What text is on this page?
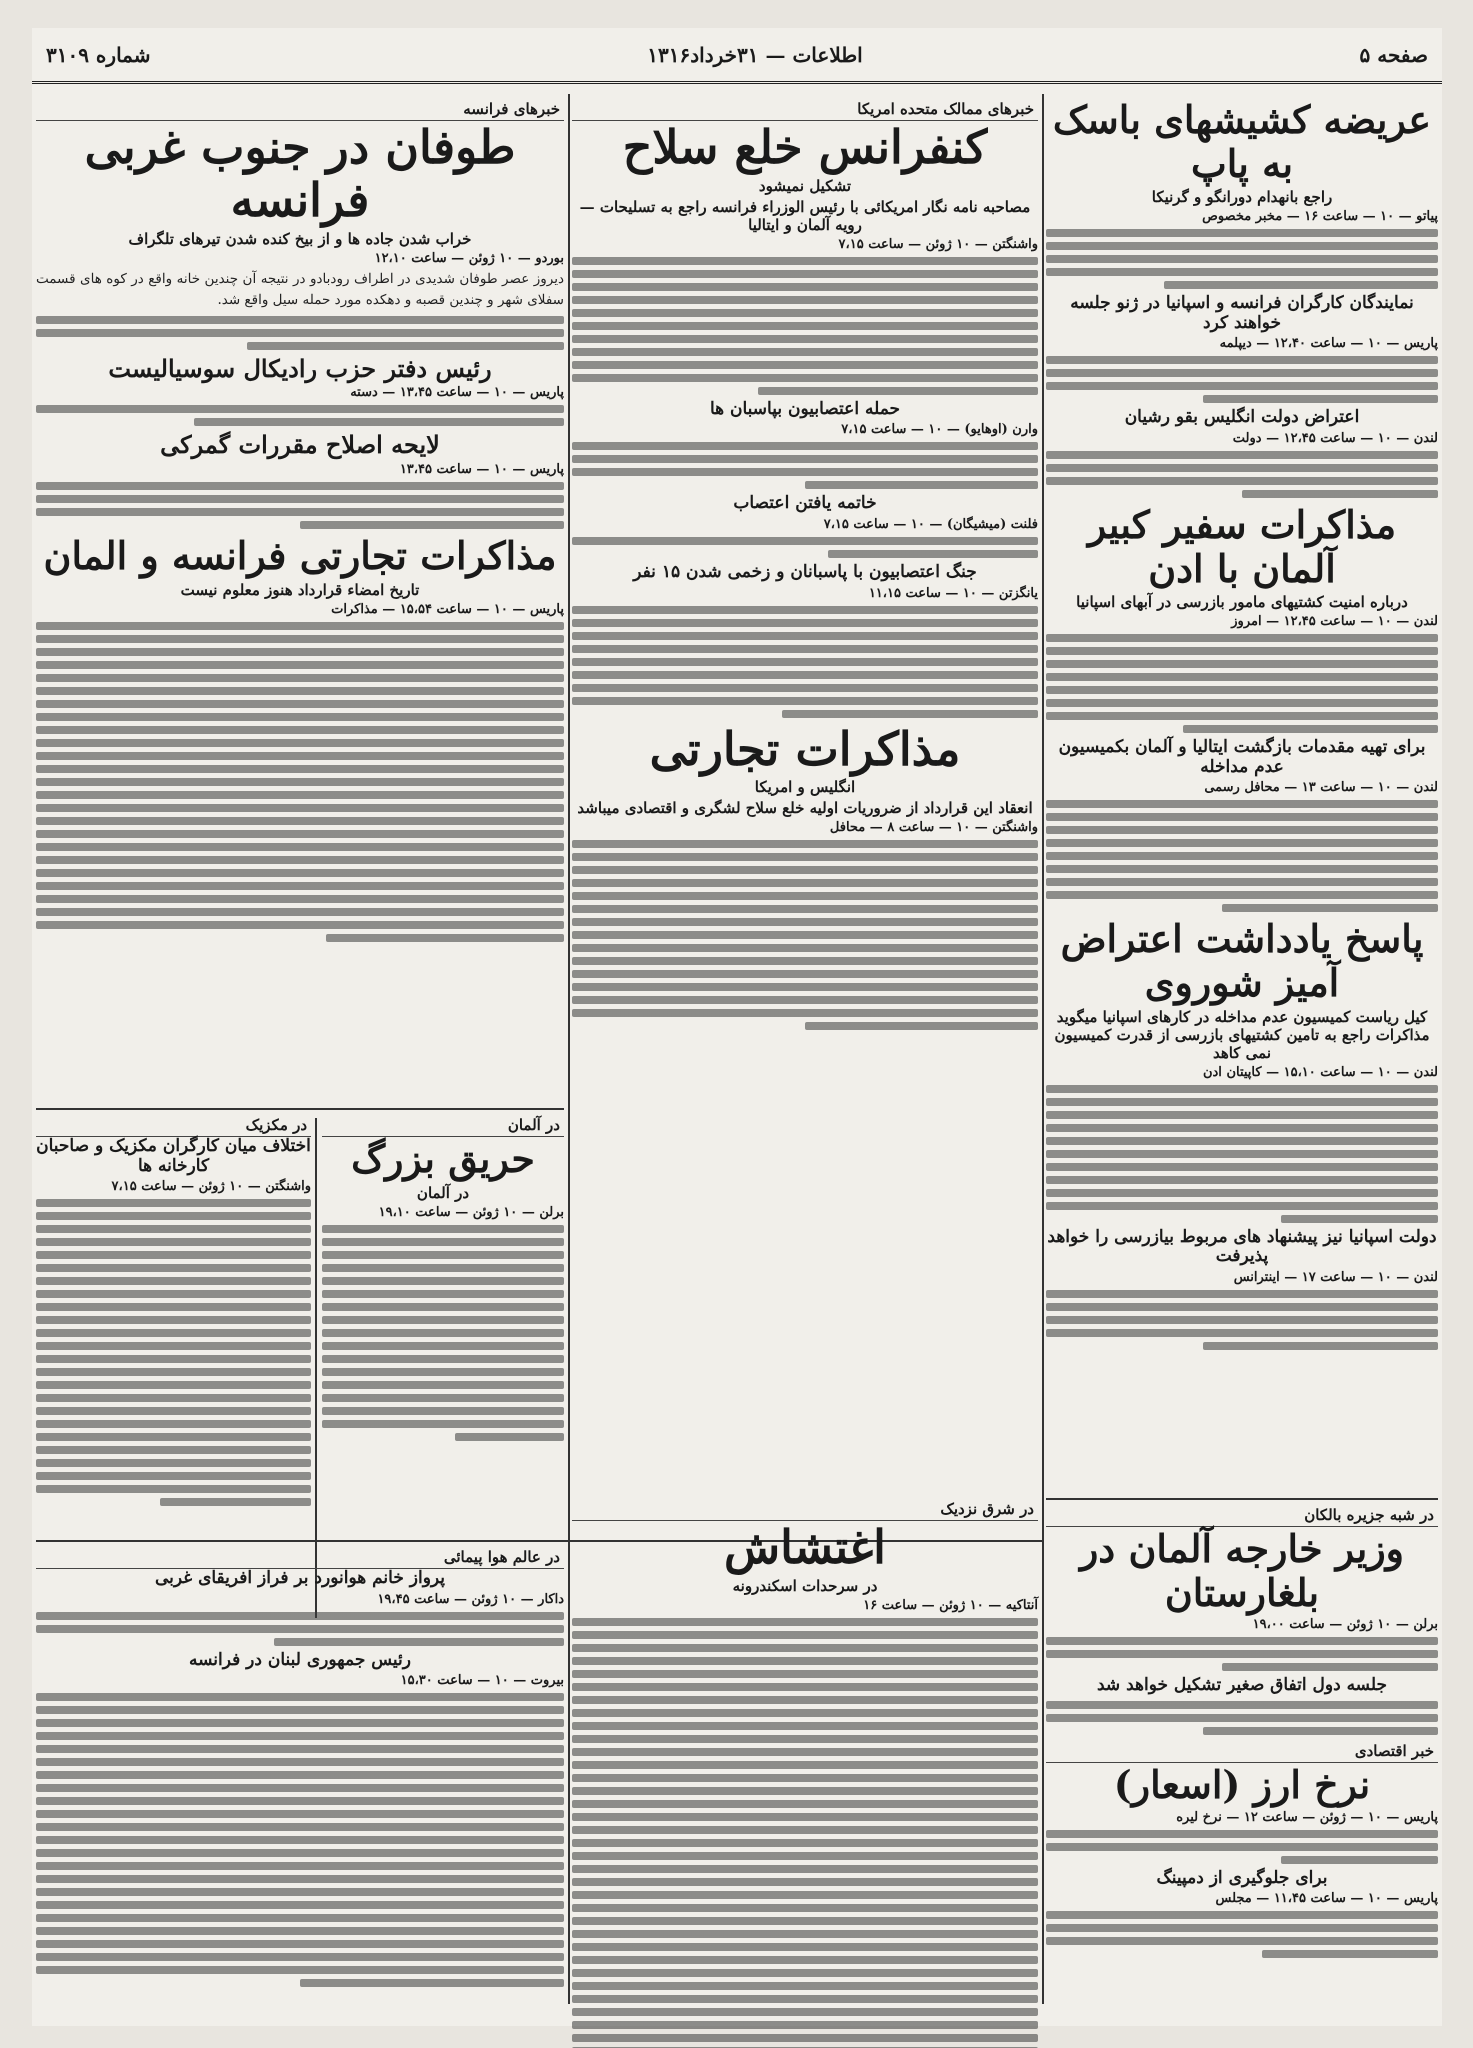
صفحه ۵
اطلاعات — ۳۱خرداد۱۳۱۶
شماره ۳۱۰۹
عریضه کشیشهای باسک به پاپ
راجع بانهدام دورانگو و گرنیکا
پیاتو — ۱۰ — ساعت ۱۶ — مخبر مخصوص
نمایندگان کارگران فرانسه و اسپانیا در ژنو جلسه خواهند کرد
پاریس — ۱۰ — ساعت ۱۲،۴۰ — دیپلمه
اعتراض دولت انگلیس بقو رشیان
لندن — ۱۰ — ساعت ۱۲،۴۵ — دولت
مذاکرات سفیر کبیر آلمان با ادن
درباره امنیت کشتیهای مامور بازرسی در آبهای اسپانیا
لندن — ۱۰ — ساعت ۱۲،۴۵ — امروز
برای تهیه مقدمات بازگشت ایتالیا و آلمان بکمیسیون عدم مداخله
لندن — ۱۰ — ساعت ۱۳ — محافل رسمی
پاسخ یادداشت اعتراض آمیز شوروی
کیل ریاست کمیسیون عدم مداخله در کارهای اسپانیا میگوید مذاکرات راجع به تامین کشتیهای بازرسی از قدرت کمیسیون نمی کاهد
لندن — ۱۰ — ساعت ۱۵،۱۰ — کاپیتان ادن
دولت اسپانیا نیز پیشنهاد های مربوط بیازرسی را خواهد پذیرفت
لندن — ۱۰ — ساعت ۱۷ — اینترانس
خبرهای ممالک متحده امریکا
کنفرانس خلع سلاح
تشکیل نمیشود
مصاحبه نامه نگار امریکائی با رئیس الوزراء فرانسه راجع به تسلیحات — رویه آلمان و ایتالیا
واشنگتن — ۱۰ ژوئن — ساعت ۷،۱۵
حمله اعتصابیون بپاسبان ها
وارن (اوهایو) — ۱۰ — ساعت ۷،۱۵
خاتمه یافتن اعتصاب
فلنت (میشیگان) — ۱۰ — ساعت ۷،۱۵
جنگ اعتصابیون با پاسبانان و زخمی شدن ۱۵ نفر
یانگزتن — ۱۰ — ساعت ۱۱،۱۵
مذاکرات تجارتی
انگلیس و امریکا
انعقاد این قرارداد از ضروریات اولیه خلع سلاح لشگری و اقتصادی میباشد
واشنگتن — ۱۰ — ساعت ۸ — محافل
خبرهای فرانسه
طوفان در جنوب غربی فرانسه
خراب شدن جاده ها و از بیخ کنده شدن تیرهای تلگراف
بوردو — ۱۰ ژوئن — ساعت ۱۲،۱۰
دیروز عصر طوفان شدیدی در اطراف رودبادو در نتیجه آن چندین خانه واقع در کوه های قسمت سفلای شهر و چندین قصبه و دهکده مورد حمله سیل واقع شد.
رئیس دفتر حزب رادیکال سوسیالیست
پاریس — ۱۰ — ساعت ۱۳،۴۵ — دسته
لایحه اصلاح مقررات گمرکی
پاریس — ۱۰ — ساعت ۱۳،۴۵
مذاکرات تجارتی فرانسه و المان
تاریخ امضاء قرارداد هنوز معلوم نیست
پاریس — ۱۰ — ساعت ۱۵،۵۴ — مذاکرات
در مکزیک
اختلاف میان کارگران مکزیک و صاحبان کارخانه ها
واشنگتن — ۱۰ ژوئن — ساعت ۷،۱۵
در آلمان
حریق بزرگ
در آلمان
برلن — ۱۰ ژوئن — ساعت ۱۹،۱۰
در شرق نزدیک
اغتشاش
در سرحدات اسکندرونه
آنتاکیه — ۱۰ ژوئن — ساعت ۱۶
در عالم هوا پیمائی
پرواز خانم هوانورد بر فراز افریقای غربی
داکار — ۱۰ ژوئن — ساعت ۱۹،۴۵
رئیس جمهوری لبنان در فرانسه
بیروت — ۱۰ — ساعت ۱۵،۳۰
در شبه جزیره بالکان
وزیر خارجه آلمان در بلغارستان
برلن — ۱۰ ژوئن — ساعت ۱۹،۰۰
جلسه دول اتفاق صغیر تشکیل خواهد شد
خبر اقتصادی
نرخ ارز (اسعار)
پاریس — ۱۰ — ژوئن — ساعت ۱۲ — نرخ لیره
برای جلوگیری از دمپینگ
پاریس — ۱۰ — ساعت ۱۱،۴۵ — مجلس
